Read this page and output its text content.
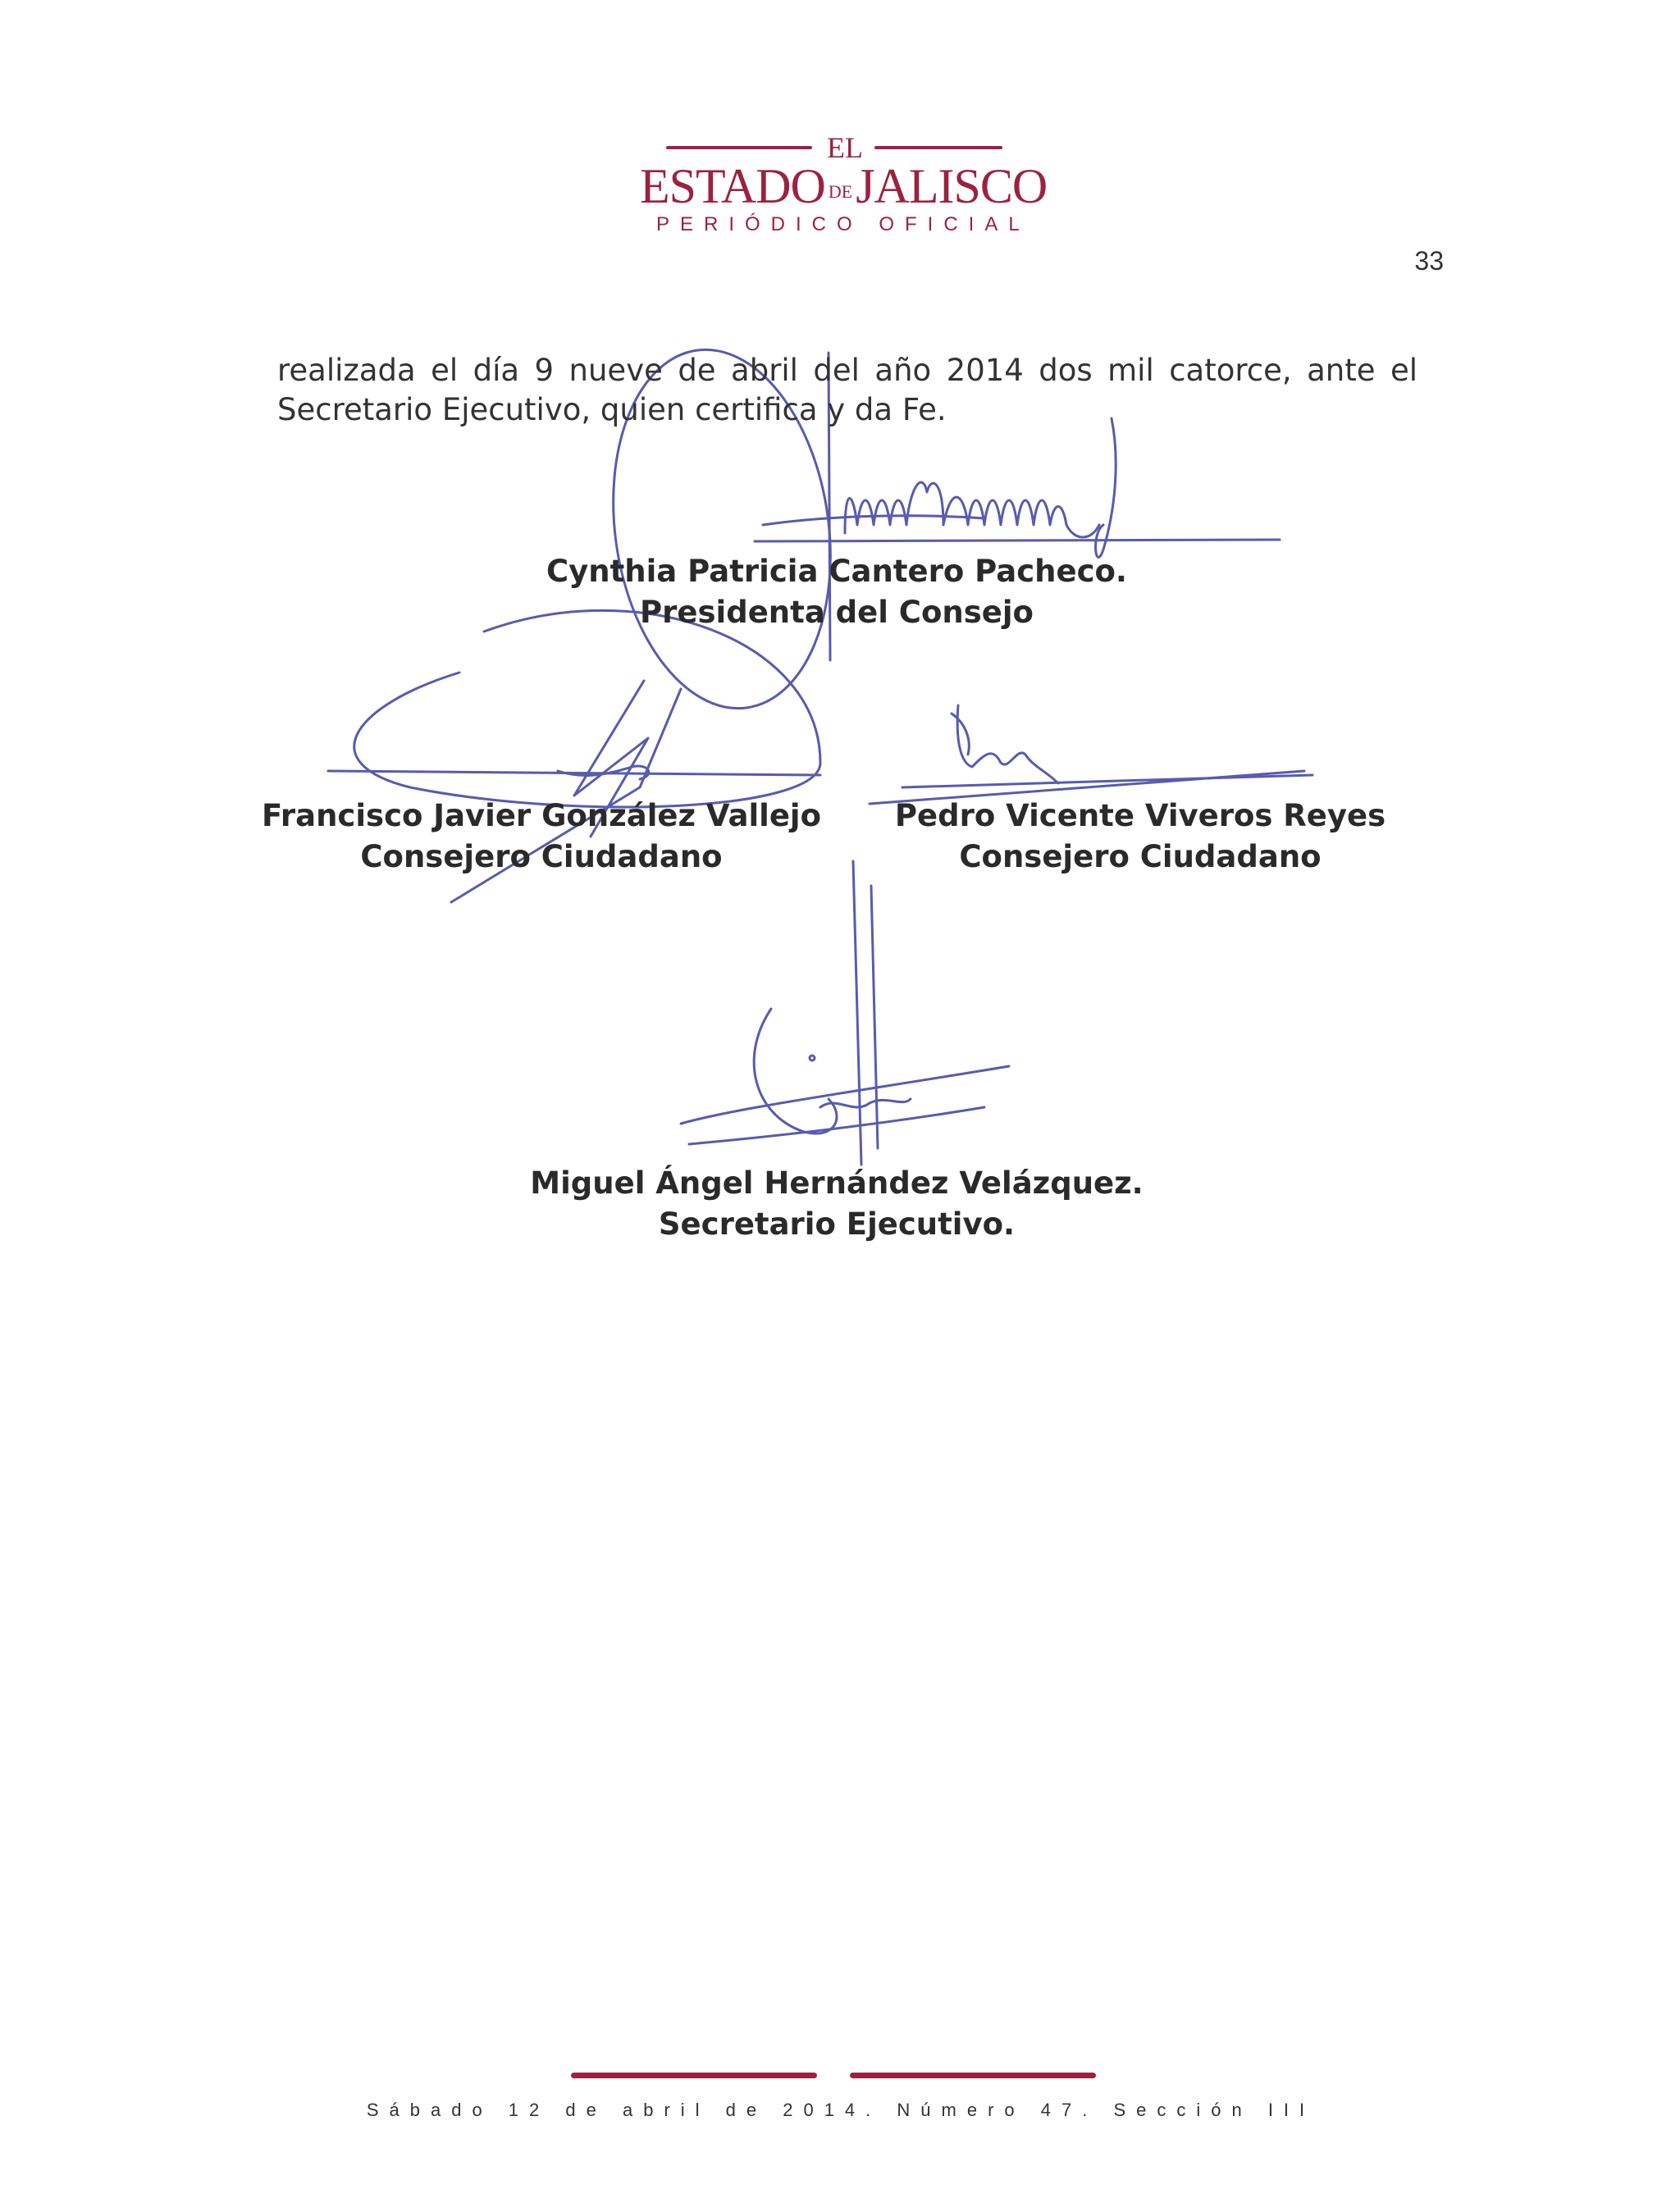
EL
ESTADO DEJALISCO
PERIÓDICO OFICIAL
33
realizada el día 9 nueve de abril del año 2014 dos mil catorce, ante el
Secretario Ejecutivo, quien certifica y da Fe.
Cynthia Patricia Cantero Pacheco.
Presidenta del Consejo
Francisco Javier González Vallejo
Consejero Ciudadano
Pedro Vicente Viveros Reyes
Consejero Ciudadano
Miguel Ángel Hernández Velázquez.
Secretario Ejecutivo.
Sábado 12 de abril de 2014. Número 47. Sección III
